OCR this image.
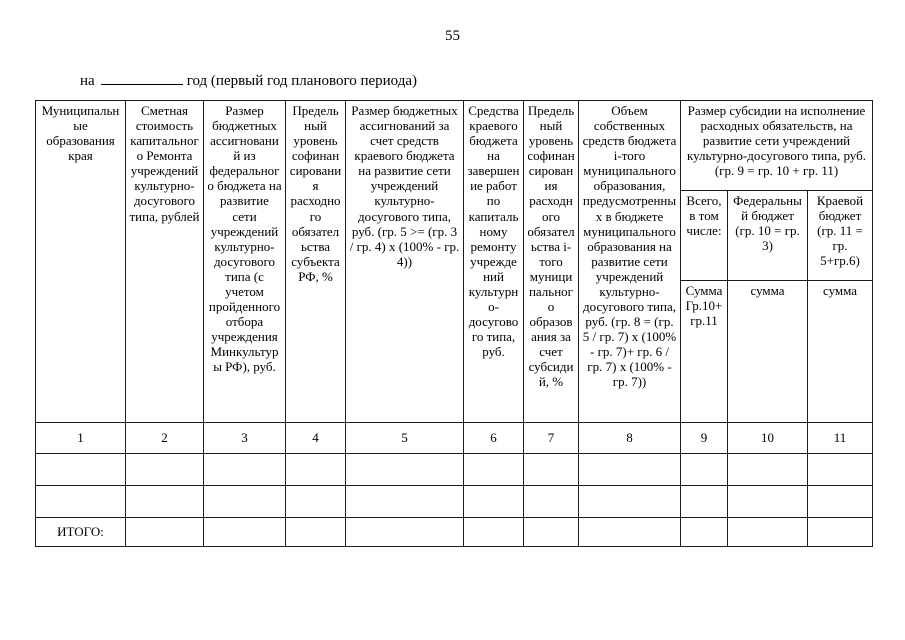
55
на	год (первый год планового периода)
Муниципальные образования края	Сметная стоимость капитального Ремонта учреждений культурно-досугового типа, рублей	Размер бюджетных ассигнований из федерального бюджета на развитие сети учреждений культурно-досугового типа (с учетом пройденного отбора учреждения Минкультуры РФ), руб.	Предельный уровень софинансирования расходного обязательства субъекта РФ, %	Размер бюджетных ассигнований за счет средств краевого бюджета на развитие сети учреждений культурно-досугового типа, руб. (гр. 5 >= (гр. 3 / гр. 4) х (100% - гр. 4))	Средства краевого бюджета на завершение работ по капитальному ремонту учреждений культурно-досугового типа, руб.	Предельный уровень софинансирования расходного обязательства i-того муниципального образования за счет субсидий, %	Объем собственных средств бюджета i-того муниципального образования, предусмотренных в бюджете муниципального образования на развитие сети учреждений культурно-досугового типа, руб. (гр. 8 = (гр. 5 / гр. 7) х (100% - гр. 7)+ гр. 6 / гр. 7) х (100% - гр. 7))	Размер субсидии на исполнение расходных обязательств, на развитие сети учреждений культурно-досугового типа, руб. (гр. 9 = гр. 10 + гр. 11)		
								Всего, в том числе:	Федеральный бюджет (гр. 10 = гр. 3)	Краевой бюджет (гр. 11 = гр. 5+гр.6)
								Сумма Гр.10+ гр.11	сумма	сумма
1	2	3	4	5	6	7	8	9	10	11

ИТОГО:										
